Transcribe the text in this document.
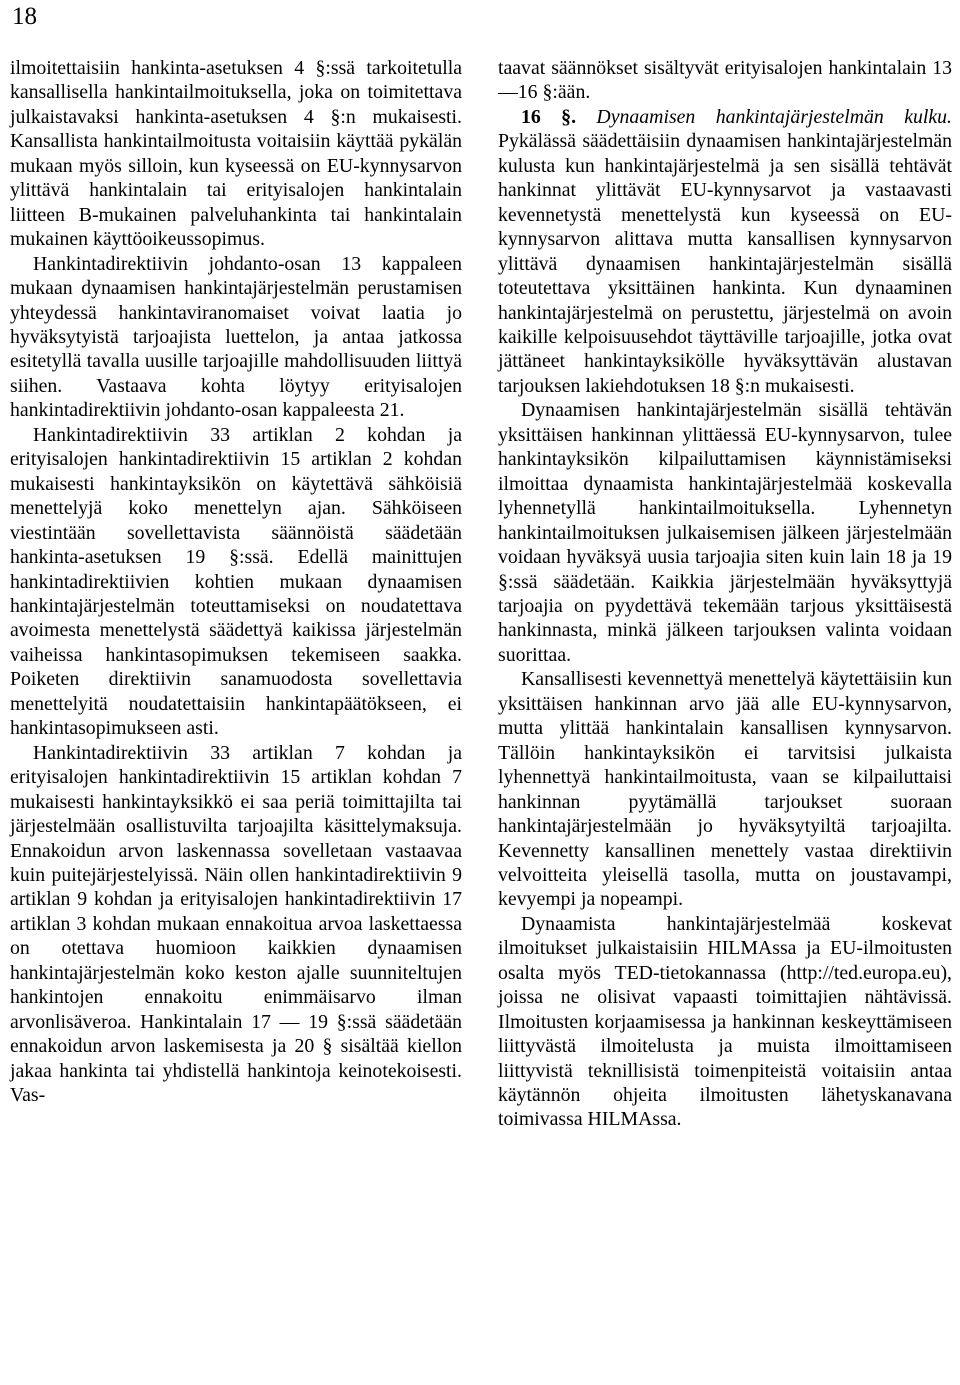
18

ilmoitettaisiin hankinta-asetuksen 4 §:ssä tarkoitetulla kansallisella hankintailmoituksella, joka on toimitettava julkaistavaksi hankinta-asetuksen 4 §:n mukaisesti. Kansallista hankintailmoitusta voitaisiin käyttää pykälän mukaan myös silloin, kun kyseessä on EU-kynnysarvon ylittävä hankintalain tai erityisalojen hankintalain liitteen B-mukainen palveluhankinta tai hankintalain mukainen käyttöoikeussopimus.

Hankintadirektiivin johdanto-osan 13 kappaleen mukaan dynaamisen hankintajärjestelmän perustamisen yhteydessä hankintaviranomaiset voivat laatia jo hyväksytyistä tarjoajista luettelon, ja antaa jatkossa esitetyllä tavalla uusille tarjoajille mahdollisuuden liittyä siihen. Vastaava kohta löytyy erityisalojen hankintadirektiivin johdanto-osan kappaleesta 21.

Hankintadirektiivin 33 artiklan 2 kohdan ja erityisalojen hankintadirektiivin 15 artiklan 2 kohdan mukaisesti hankintayksikön on käytettävä sähköisiä menettelyjä koko menettelyn ajan. Sähköiseen viestintään sovellettavista säännöistä säädetään hankinta-asetuksen 19 §:ssä. Edellä mainittujen hankintadirektiivien kohtien mukaan dynaamisen hankintajärjestelmän toteuttamiseksi on noudatettava avoimesta menettelystä säädettyä kaikissa järjestelmän vaiheissa hankintasopimuksen tekemiseen saakka. Poiketen direktiivin sanamuodosta sovellettavia menettelyitä noudatettaisiin hankintapäätökseen, ei hankintasopimukseen asti.

Hankintadirektiivin 33 artiklan 7 kohdan ja erityisalojen hankintadirektiivin 15 artiklan kohdan 7 mukaisesti hankintayksikkö ei saa periä toimittajilta tai järjestelmään osallistuvilta tarjoajilta käsittelymaksuja. Ennakoidun arvon laskennassa sovelletaan vastaavaa kuin puitejärjestelyissä. Näin ollen hankintadirektiivin 9 artiklan 9 kohdan ja erityisalojen hankintadirektiivin 17 artiklan 3 kohdan mukaan ennakoitua arvoa laskettaessa on otettava huomioon kaikkien dynaamisen hankintajärjestelmän koko keston ajalle suunniteltujen hankintojen ennakoitu enimmäisarvo ilman arvonlisäveroa. Hankintalain 17 — 19 §:ssä säädetään ennakoidun arvon laskemisesta ja 20 § sisältää kiellon jakaa hankinta tai yhdistellä hankintoja keinotekoisesti. Vas-

taavat säännökset sisältyvät erityisalojen hankintalain 13 —16 §:ään.

16 §. Dynaamisen hankintajärjestelmän kulku. Pykälässä säädettäisiin dynaamisen hankintajärjestelmän kulusta kun hankintajärjestelmä ja sen sisällä tehtävät hankinnat ylittävät EU-kynnysarvot ja vastaavasti kevennetystä menettelystä kun kyseessä on EU-kynnysarvon alittava mutta kansallisen kynnysarvon ylittävä dynaamisen hankintajärjestelmän sisällä toteutettava yksittäinen hankinta. Kun dynaaminen hankintajärjestelmä on perustettu, järjestelmä on avoin kaikille kelpoisuusehdot täyttäville tarjoajille, jotka ovat jättäneet hankintayksikölle hyväksyttävän alustavan tarjouksen lakiehdotuksen 18 §:n mukaisesti.

Dynaamisen hankintajärjestelmän sisällä tehtävän yksittäisen hankinnan ylittäessä EU-kynnysarvon, tulee hankintayksikön kilpailuttamisen käynnistämiseksi ilmoittaa dynaamista hankintajärjestelmää koskevalla lyhennetyllä hankintailmoituksella. Lyhennetyn hankintailmoituksen julkaisemisen jälkeen järjestelmään voidaan hyväksyä uusia tarjoajia siten kuin lain 18 ja 19 §:ssä säädetään. Kaikkia järjestelmään hyväksyttyjä tarjoajia on pyydettävä tekemään tarjous yksittäisestä hankinnasta, minkä jälkeen tarjouksen valinta voidaan suorittaa.

Kansallisesti kevennettyä menettelyä käytettäisiin kun yksittäisen hankinnan arvo jää alle EU-kynnysarvon, mutta ylittää hankintalain kansallisen kynnysarvon. Tällöin hankintayksikön ei tarvitsisi julkaista lyhennettyä hankintailmoitusta, vaan se kilpailuttaisi hankinnan pyytämällä tarjoukset suoraan hankintajärjestelmään jo hyväksytyiltä tarjoajilta. Kevennetty kansallinen menettely vastaa direktiivin velvoitteita yleisellä tasolla, mutta on joustavampi, kevyempi ja nopeampi.

Dynaamista hankintajärjestelmää koskevat ilmoitukset julkaistaisiin HILMAssa ja EU-ilmoitusten osalta myös TED-tietokannassa (http://ted.europa.eu), joissa ne olisivat vapaasti toimittajien nähtävissä. Ilmoitusten korjaamisessa ja hankinnan keskeyttämiseen liittyvästä ilmoitelusta ja muista ilmoittamiseen liittyvistä teknillisistä toimenpiteistä voitaisiin antaa käytännön ohjeita ilmoitusten lähetyskanavana toimivassa HILMAssa.
